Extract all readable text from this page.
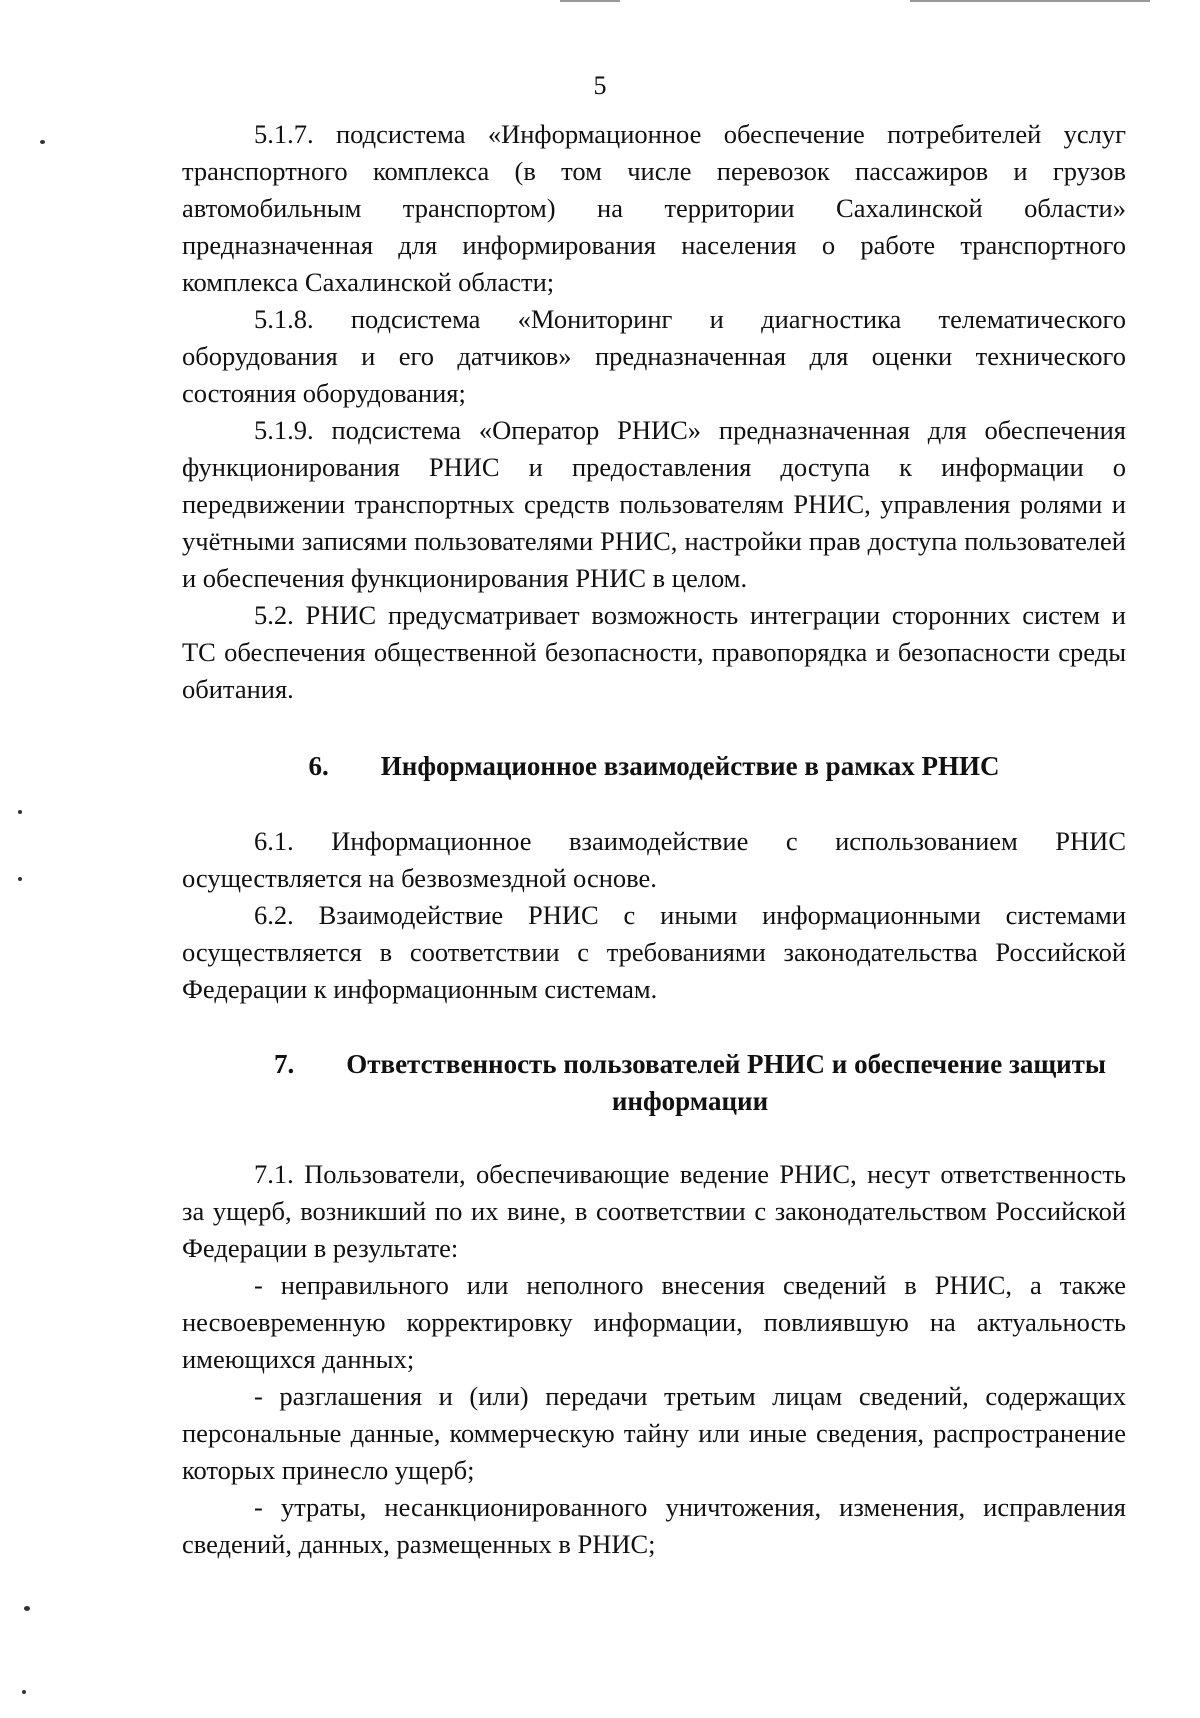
5

5.1.7. подсистема «Информационное обеспечение потребителей услуг транспортного комплекса (в том числе перевозок пассажиров и грузов автомобильным транспортом) на территории Сахалинской области» предназначенная для информирования населения о работе транспортного комплекса Сахалинской области;

5.1.8. подсистема «Мониторинг и диагностика телематического оборудования и его датчиков» предназначенная для оценки технического состояния оборудования;

5.1.9. подсистема «Оператор РНИС» предназначенная для обеспечения функционирования РНИС и предоставления доступа к информации о передвижении транспортных средств пользователям РНИС, управления ролями и учётными записями пользователями РНИС, настройки прав доступа пользователей и обеспечения функционирования РНИС в целом.

5.2. РНИС предусматривает возможность интеграции сторонних систем и ТС обеспечения общественной безопасности, правопорядка и безопасности среды обитания.

6. Информационное взаимодействие в рамках РНИС

6.1. Информационное взаимодействие с использованием РНИС осуществляется на безвозмездной основе.

6.2. Взаимодействие РНИС с иными информационными системами осуществляется в соответствии с требованиями законодательства Российской Федерации к информационным системам.

7. Ответственность пользователей РНИС и обеспечение защиты информации

7.1. Пользователи, обеспечивающие ведение РНИС, несут ответственность за ущерб, возникший по их вине, в соответствии с законодательством Российской Федерации в результате:

- неправильного или неполного внесения сведений в РНИС, а также несвоевременную корректировку информации, повлиявшую на актуальность имеющихся данных;

- разглашения и (или) передачи третьим лицам сведений, содержащих персональные данные, коммерческую тайну или иные сведения, распространение которых принесло ущерб;

- утраты, несанкционированного уничтожения, изменения, исправления сведений, данных, размещенных в РНИС;
